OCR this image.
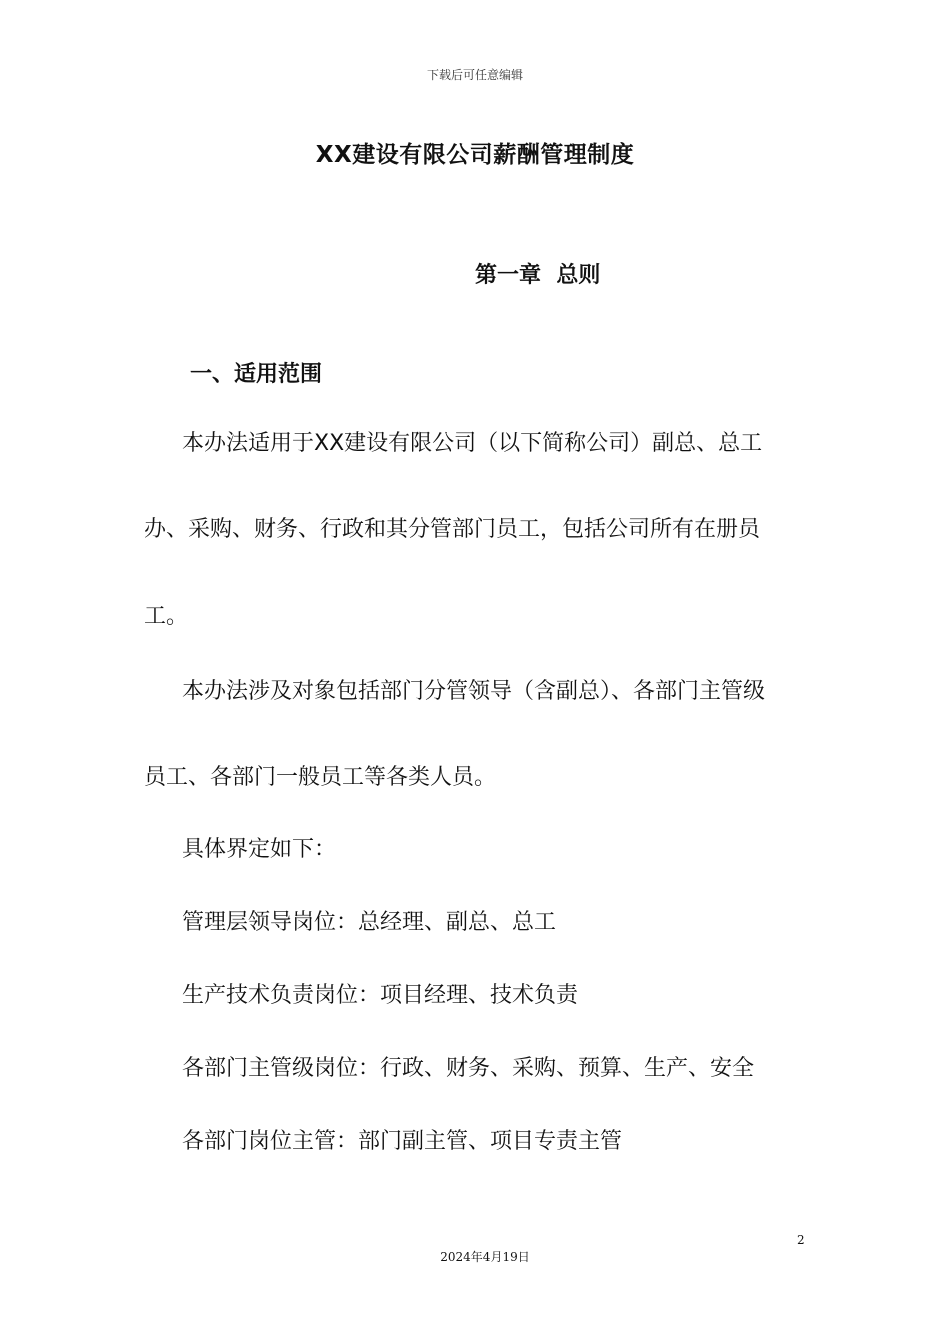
下载后可任意编辑
XX建设有限公司薪酬管理制度
第一章  总则
一、适用范围
本办法适用于XX建设有限公司（以下简称公司）副总、总工
办、采购、财务、行政和其分管部门员工，包括公司所有在册员
工。
本办法涉及对象包括部门分管领导（含副总）、各部门主管级
员工、各部门一般员工等各类人员。
具体界定如下：
管理层领导岗位：总经理、副总、总工
生产技术负责岗位：项目经理、技术负责
各部门主管级岗位：行政、财务、采购、预算、生产、安全
各部门岗位主管：部门副主管、项目专责主管
2
2024年4月19日
